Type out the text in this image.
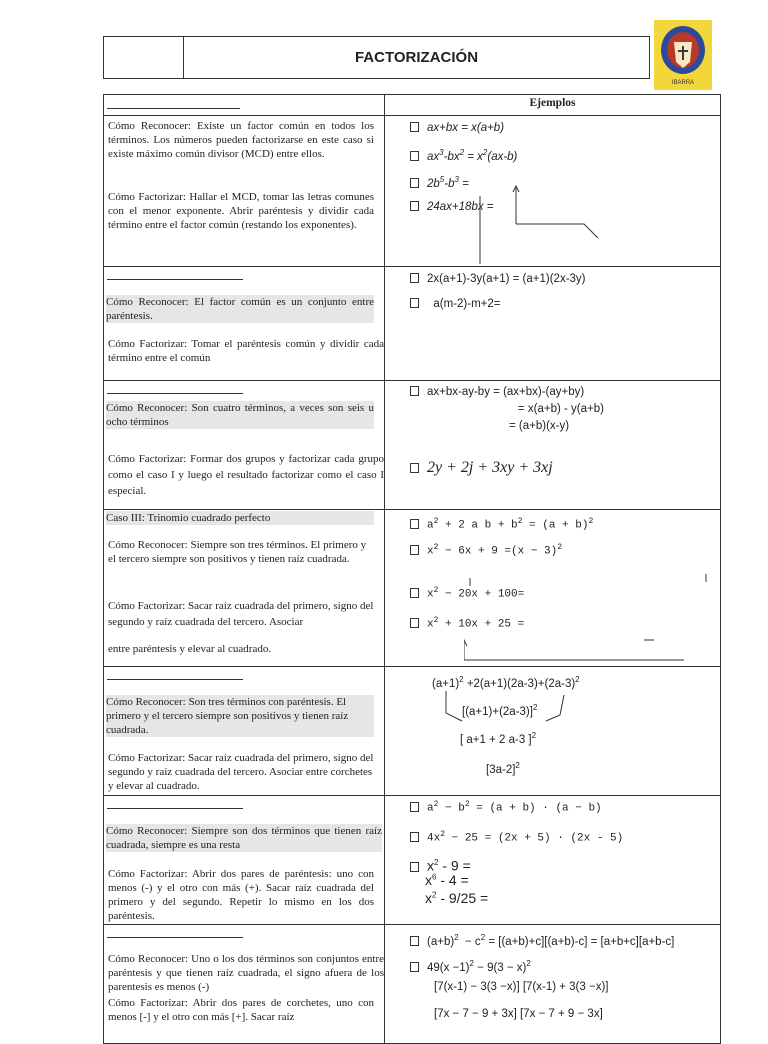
FACTORIZACIÓN
IBARRA
Ejemplos
Cómo Reconocer: Existe un factor común en todos los términos. Los números pueden factorizarse en este caso si existe máximo común divisor (MCD) entre ellos.
Cómo Factorizar: Hallar el MCD, tomar las letras comunes con el menor exponente. Abrir paréntesis y dividir cada término entre el factor común (restando los exponentes).
ax+bx = x(a+b)
$ax^3-bx^2 = x^2(ax-b)$
$2b^5-b^3$ =
24ax+18bx =
Cómo Reconocer: El factor común es un conjunto entre paréntesis.
Cómo Factorizar: Tomar el paréntesis común y dividir cada término entre el común
2x(a+1)-3y(a+1) = (a+1)(2x-3y)
a(m-2)-m+2=
Cómo Reconocer: Son cuatro términos, a veces son seis u ocho términos
Cómo Factorizar: Formar dos grupos y factorizar cada grupo como el caso I y luego el resultado factorizar como el caso I especial.
ax+bx-ay-by = (ax+bx)-(ay+by)
= x(a+b) - y(a+b)
= (a+b)(x-y)
2y + 2j + 3xy + 3xj
Caso III: Trinomio cuadrado perfecto
Cómo Reconocer: Siempre son tres términos. El primero y el tercero siempre son positivos y tienen raíz cuadrada.
Cómo Factorizar: Sacar raíz cuadrada del primero, signo del segundo y raíz cuadrada del tercero. Asociar
entre paréntesis y elevar al cuadrado.
$a^2 + 2$ a $b + b^2 = (a + b)^2$
$x^2 - 6x + 9 =(x - 3)^2$
$x^2 - 20x + 100=$
$x^2 + 10x + 25$ =
Cómo Reconocer: Son tres términos con paréntesis. El primero y el tercero siempre son positivos y tienen raíz cuadrada.
Cómo Factorizar: Sacar raíz cuadrada del primero, signo del segundo y raíz cuadrada del tercero. Asociar entre corchetes y elevar al cuadrado.
$(a+1)^2 +2(a+1)(2a-3)+(2a-3)^2$
$[(a+1)+(2a-3)]^2$
[ a+1 + 2 a-3 ]$^2$
$[3a-2]^2$
Cómo Reconocer: Siempre son dos términos que tienen raíz cuadrada, siempre es una resta
Cómo Factorizar: Abrir dos pares de paréntesis: uno con menos (-) y el otro con más (+). Sacar raíz cuadrada del primero y del segundo. Repetir lo mismo en los dos paréntesis.
$a^2 - b^2 = (a + b) \cdot (a - b)$
$4x^2 - 25 = (2x + 5) \cdot (2x - 5)$
$x^2 - 9$ =
$x^6 - 4$ =
$x^2 - 9/25$ =
Cómo Reconocer: Uno o los dos términos son conjuntos entre paréntesis y que tienen raíz cuadrada, el signo afuera de los parentesis es menos (-)
Cómo Factorizar: Abrir dos pares de corchetes, uno con menos [-] y el otro con más [+]. Sacar raíz
$(a+b)^2 - c^2 = [(a+b)+c][(a+b)-c] = [a+b+c][a+b-c]$
$49(x -1)^2 - 9(3 - x)^2$
[7(x-1) − 3(3 −x)] [7(x-1) + 3(3 −x)]
[7x − 7 − 9 + 3x] [7x − 7 + 9 − 3x]
